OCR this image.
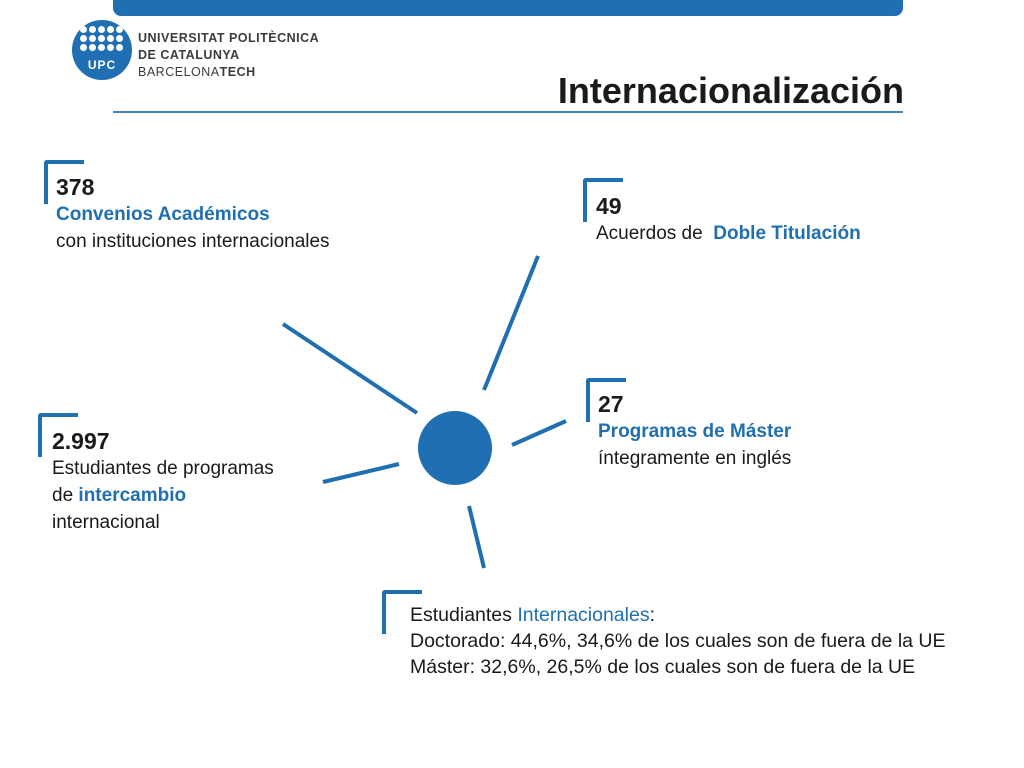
UPC
UNIVERSITAT POLITÈCNICA
DE CATALUNYA
BARCELONATECH	Internacionalización
378
Convenios Académicos
con instituciones internacionales
49
Acuerdos de Doble Titulación
27
Programas de Máster
íntegramente en inglés
2.997
Estudiantes de programas
de intercambio
internacional
Estudiantes Internacionales:
Doctorado: 44,6%, 34,6% de los cuales son de fuera de la UE
Máster: 32,6%, 26,5% de los cuales son de fuera de la UE
